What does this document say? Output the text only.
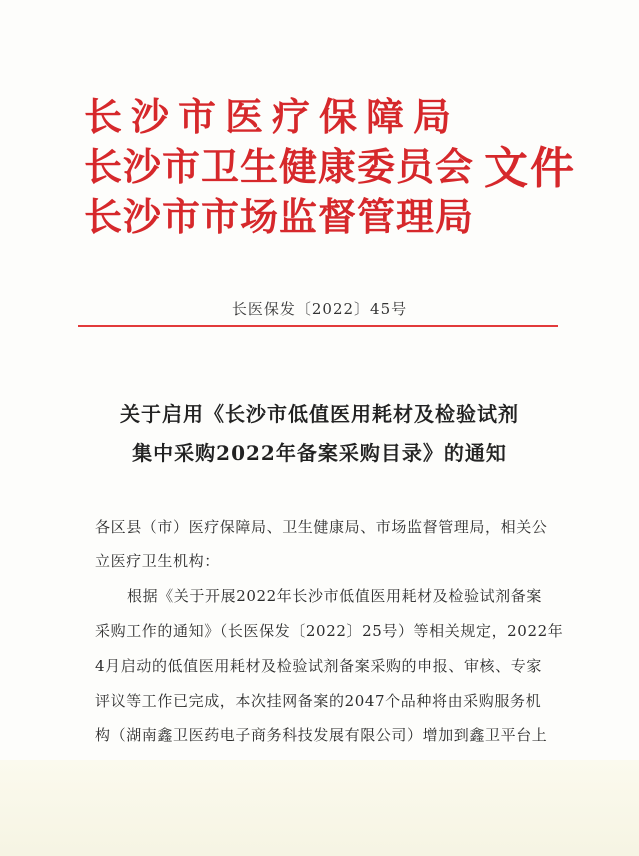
长沙市医疗保障局
长沙市卫生健康委员会
长沙市市场监督管理局
文件
长医保发〔2022〕45号
关于启用《长沙市低值医用耗材及检验试剂
集中采购2022年备案采购目录》的通知
各区县（市）医疗保障局、卫生健康局、市场监督管理局，相关公
立医疗卫生机构：
根据《关于开展2022年长沙市低值医用耗材及检验试剂备案
采购工作的通知》（长医保发〔2022〕25号）等相关规定，2022年
4月启动的低值医用耗材及检验试剂备案采购的申报、审核、专家
评议等工作已完成，本次挂网备案的2047个品种将由采购服务机
构（湖南鑫卫医药电子商务科技发展有限公司）增加到鑫卫平台上
